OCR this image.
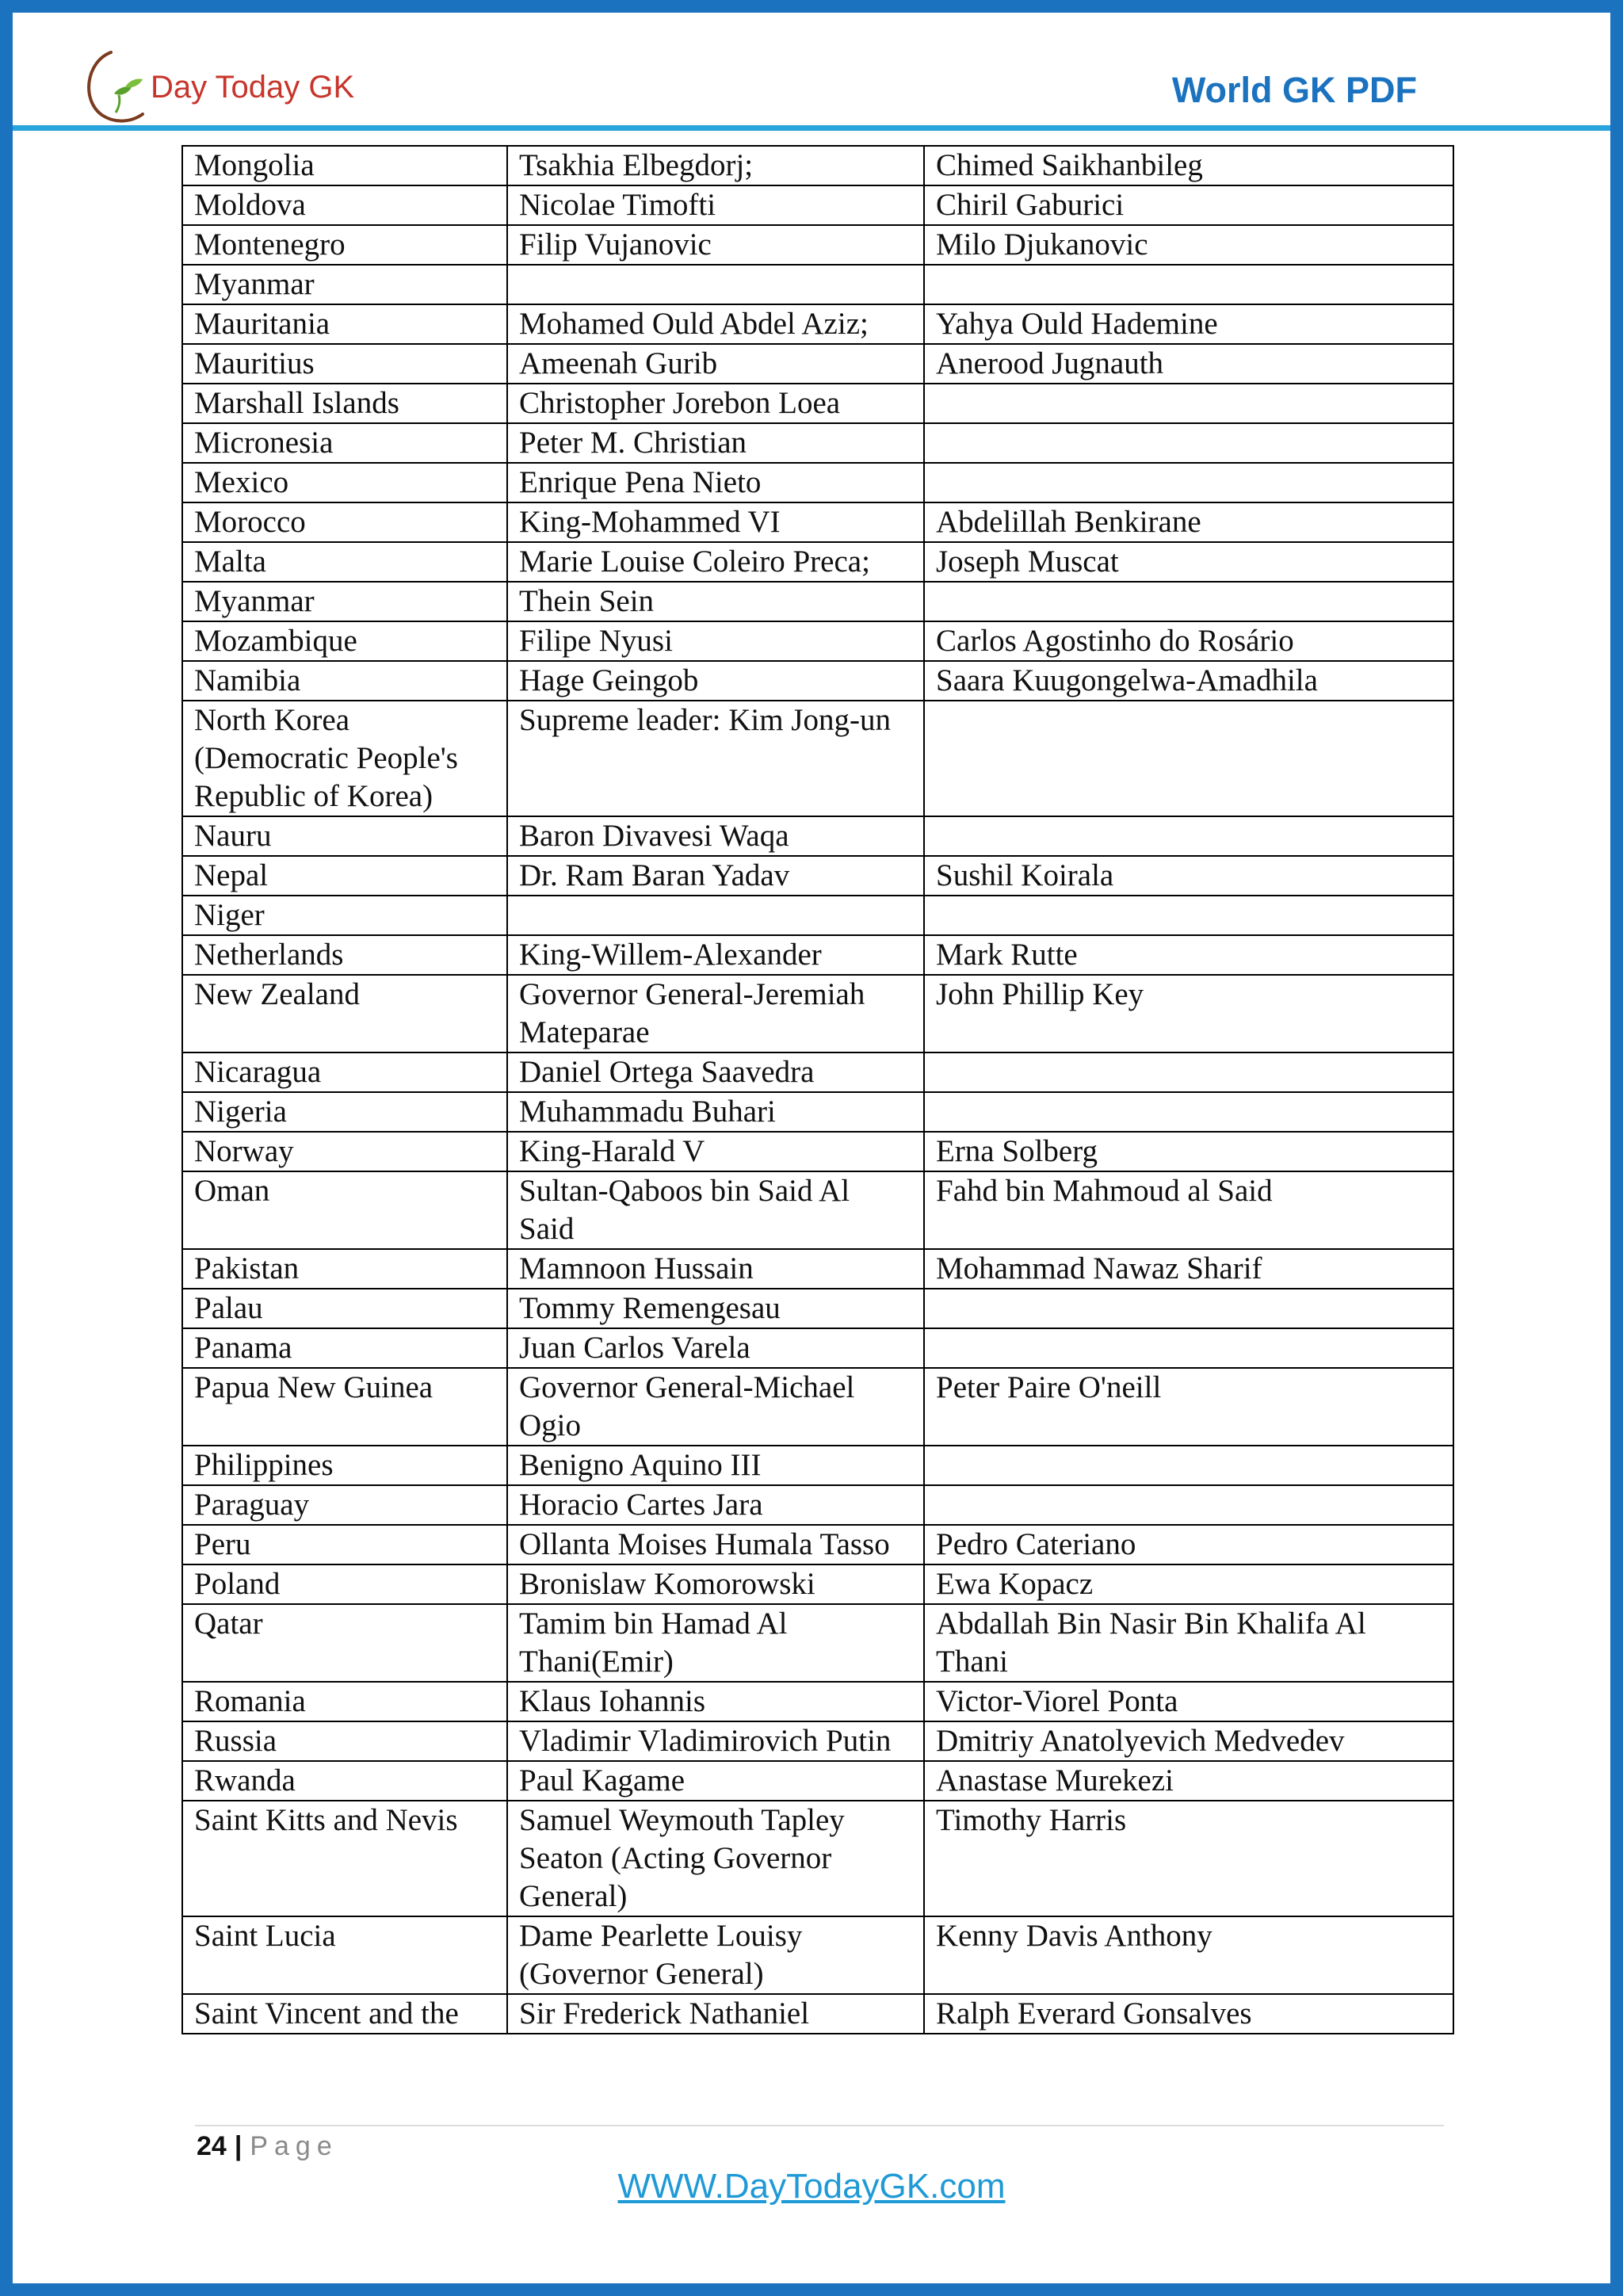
Day Today GK	World GK PDF
Mongolia	Tsakhia Elbegdorj;	Chimed Saikhanbileg
Moldova	Nicolae Timofti	Chiril Gaburici
Montenegro	Filip Vujanovic	Milo Djukanovic
Myanmar		
Mauritania	Mohamed Ould Abdel Aziz;	Yahya Ould Hademine
Mauritius	Ameenah Gurib	Anerood Jugnauth
Marshall Islands	Christopher Jorebon Loea	
Micronesia	Peter M. Christian	
Mexico	Enrique Pena Nieto	
Morocco	King-Mohammed VI	Abdelillah Benkirane
Malta	Marie Louise Coleiro Preca;	Joseph Muscat
Myanmar	Thein Sein	
Mozambique	Filipe Nyusi	Carlos Agostinho do Rosário
Namibia	Hage Geingob	Saara Kuugongelwa-Amadhila
North Korea (Democratic People's Republic of Korea)	Supreme leader: Kim Jong-un	
Nauru	Baron Divavesi Waqa	
Nepal	Dr. Ram Baran Yadav	Sushil Koirala
Niger		
Netherlands	King-Willem-Alexander	Mark Rutte
New Zealand	Governor General-Jeremiah Mateparae	John Phillip Key
Nicaragua	Daniel Ortega Saavedra	
Nigeria	Muhammadu Buhari	
Norway	King-Harald V	Erna Solberg
Oman	Sultan-Qaboos bin Said Al Said	Fahd bin Mahmoud al Said
Pakistan	Mamnoon Hussain	Mohammad Nawaz Sharif
Palau	Tommy Remengesau	
Panama	Juan Carlos Varela	
Papua New Guinea	Governor General-Michael Ogio	Peter Paire O'neill
Philippines	Benigno Aquino III	
Paraguay	Horacio Cartes Jara	
Peru	Ollanta Moises Humala Tasso	Pedro Cateriano
Poland	Bronislaw Komorowski	Ewa Kopacz
Qatar	Tamim bin Hamad Al Thani(Emir)	Abdallah Bin Nasir Bin Khalifa Al Thani
Romania	Klaus Iohannis	Victor-Viorel Ponta
Russia	Vladimir Vladimirovich Putin	Dmitriy Anatolyevich Medvedev
Rwanda	Paul Kagame	Anastase Murekezi
Saint Kitts and Nevis	Samuel Weymouth Tapley Seaton (Acting Governor General)	Timothy Harris
Saint Lucia	Dame Pearlette Louisy (Governor General)	Kenny Davis Anthony
Saint Vincent and the	Sir Frederick Nathaniel	Ralph Everard Gonsalves
24 | Page
WWW.DayTodayGK.com
